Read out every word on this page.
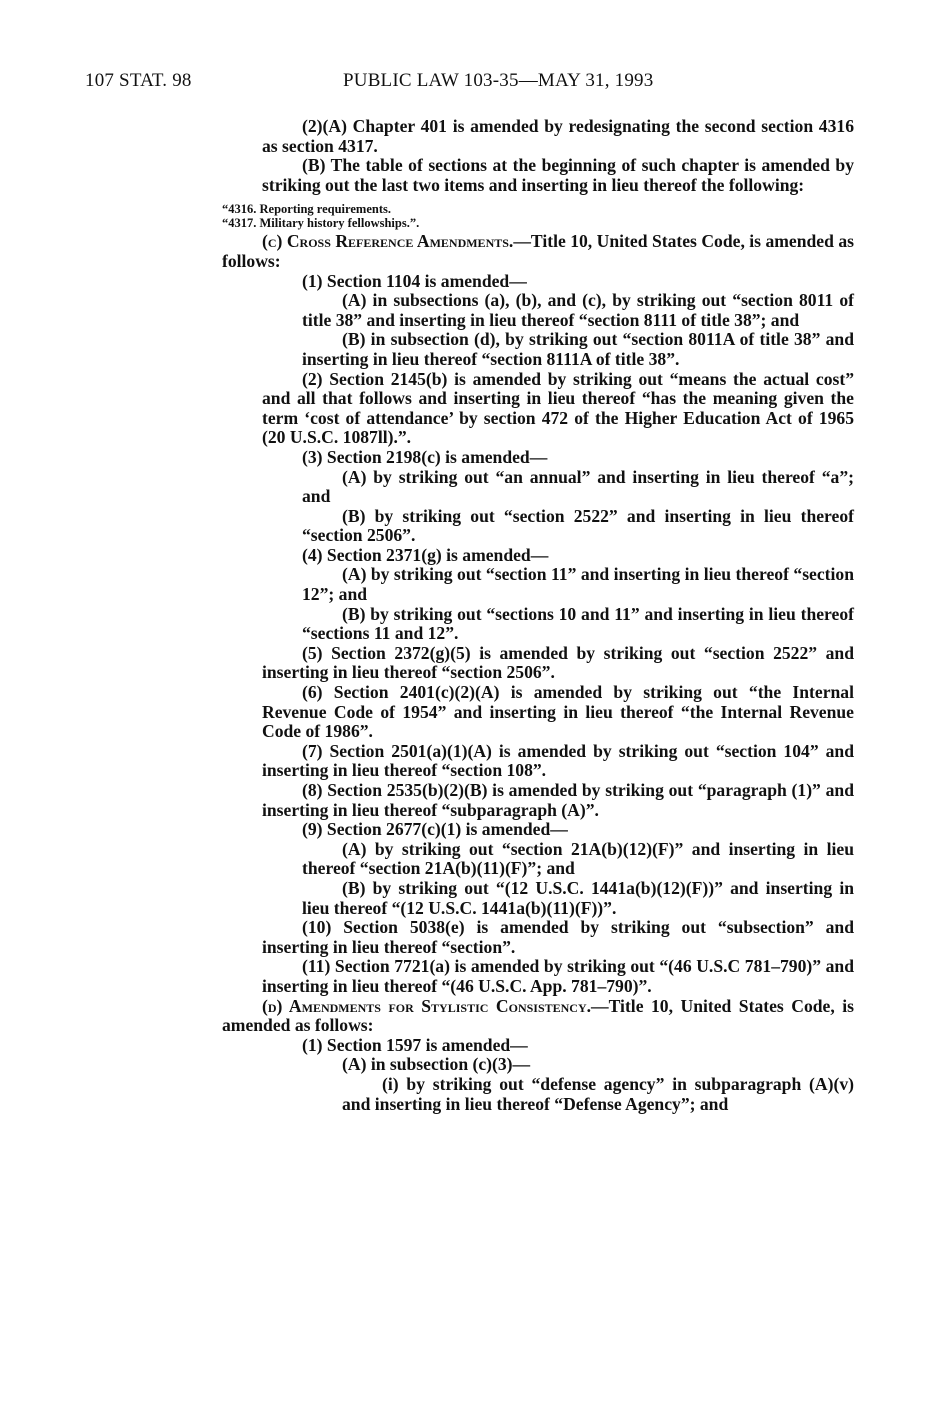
107 STAT. 98	PUBLIC LAW 103-35—MAY 31, 1993

(2)(A) Chapter 401 is amended by redesignating the second section 4316 as section 4317.

(B) The table of sections at the beginning of such chapter is amended by striking out the last two items and inserting in lieu thereof the following:

“4316. Reporting requirements.
“4317. Military history fellowships.”.

(c) Cross Reference Amendments.—Title 10, United States Code, is amended as follows:

(1) Section 1104 is amended—

(A) in subsections (a), (b), and (c), by striking out “section 8011 of title 38” and inserting in lieu thereof “section 8111 of title 38”; and

(B) in subsection (d), by striking out “section 8011A of title 38” and inserting in lieu thereof “section 8111A of title 38”.

(2) Section 2145(b) is amended by striking out “means the actual cost” and all that follows and inserting in lieu thereof “has the meaning given the term ‘cost of attendance’ by section 472 of the Higher Education Act of 1965 (20 U.S.C. 1087ll).”.

(3) Section 2198(c) is amended—

(A) by striking out “an annual” and inserting in lieu thereof “a”; and

(B) by striking out “section 2522” and inserting in lieu thereof “section 2506”.

(4) Section 2371(g) is amended—

(A) by striking out “section 11” and inserting in lieu thereof “section 12”; and

(B) by striking out “sections 10 and 11” and inserting in lieu thereof “sections 11 and 12”.

(5) Section 2372(g)(5) is amended by striking out “section 2522” and inserting in lieu thereof “section 2506”.

(6) Section 2401(c)(2)(A) is amended by striking out “the Internal Revenue Code of 1954” and inserting in lieu thereof “the Internal Revenue Code of 1986”.

(7) Section 2501(a)(1)(A) is amended by striking out “section 104” and inserting in lieu thereof “section 108”.

(8) Section 2535(b)(2)(B) is amended by striking out “paragraph (1)” and inserting in lieu thereof “subparagraph (A)”.

(9) Section 2677(c)(1) is amended—

(A) by striking out “section 21A(b)(12)(F)” and inserting in lieu thereof “section 21A(b)(11)(F)”; and

(B) by striking out “(12 U.S.C. 1441a(b)(12)(F))” and inserting in lieu thereof “(12 U.S.C. 1441a(b)(11)(F))”.

(10) Section 5038(e) is amended by striking out “subsection” and inserting in lieu thereof “section”.

(11) Section 7721(a) is amended by striking out “(46 U.S.C 781–790)” and inserting in lieu thereof “(46 U.S.C. App. 781–790)”.

(d) Amendments for Stylistic Consistency.—Title 10, United States Code, is amended as follows:

(1) Section 1597 is amended—

(A) in subsection (c)(3)—

(i) by striking out “defense agency” in subparagraph (A)(v) and inserting in lieu thereof “Defense Agency”; and
